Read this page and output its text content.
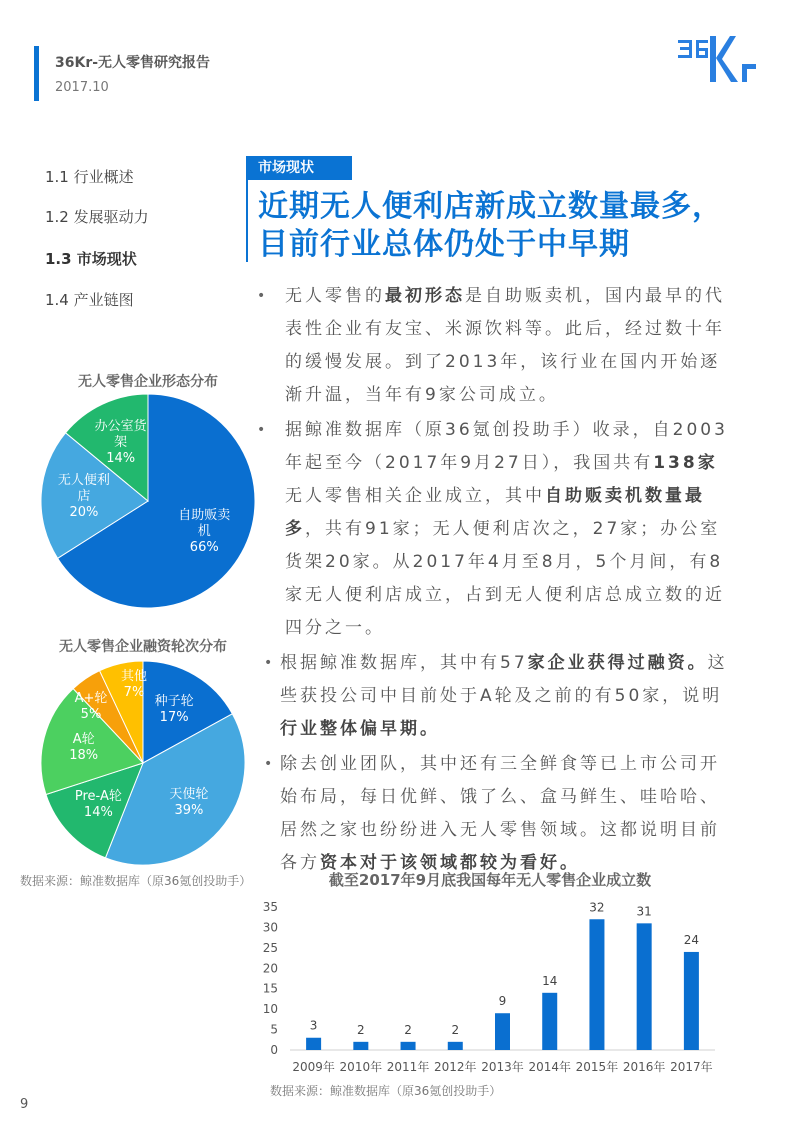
36Kr-无人零售研究报告
2017.10
1.1 行业概述
1.2 发展驱动力
1.3 市场现状
1.4 产业链图
市场现状
近期无人便利店新成立数量最多，目前行业总体仍处于中早期
• 无人零售的最初形态是自助贩卖机，国内最早的代表性企业有友宝、米源饮料等。此后，经过数十年的缓慢发展。到了2013年，该行业在国内开始逐渐升温，当年有9家公司成立。
• 据鲸准数据库（原36氪创投助手）收录，自2003年起至今（2017年9月27日），我国共有138家无人零售相关企业成立，其中自助贩卖机数量最多，共有91家；无人便利店次之，27家；办公室货架20家。从2017年4月至8月，5个月间，有8家无人便利店成立，占到无人便利店总成立数的近四分之一。
• 根据鲸准数据库，其中有57家企业获得过融资。这些获投公司中目前处于A轮及之前的有50家，说明行业整体偏早期。
• 除去创业团队，其中还有三全鲜食等已上市公司开始布局，每日优鲜、饿了么、盒马鲜生、哇哈哈、居然之家也纷纷进入无人零售领域。这都说明目前各方资本对于该领域都较为看好。
无人零售企业形态分布
自助贩卖机
66%
无人便利店
20%
办公室货架
14%
无人零售企业融资轮次分布
种子轮
17%
天使轮
39%
Pre-A轮
14%
A轮
18%
A+轮
5%
其他
7%
数据来源：鲸准数据库（原36氪创投助手）	截至2017年9月底我国每年无人零售企业成立数
0
5
10
15
20
25
30
35
3
2009年
2
2010年
2
2011年
2
2012年
9
2013年
14
2014年
32
2015年
31
2016年
24
2017年
数据来源：鲸准数据库（原36氪创投助手）
9
